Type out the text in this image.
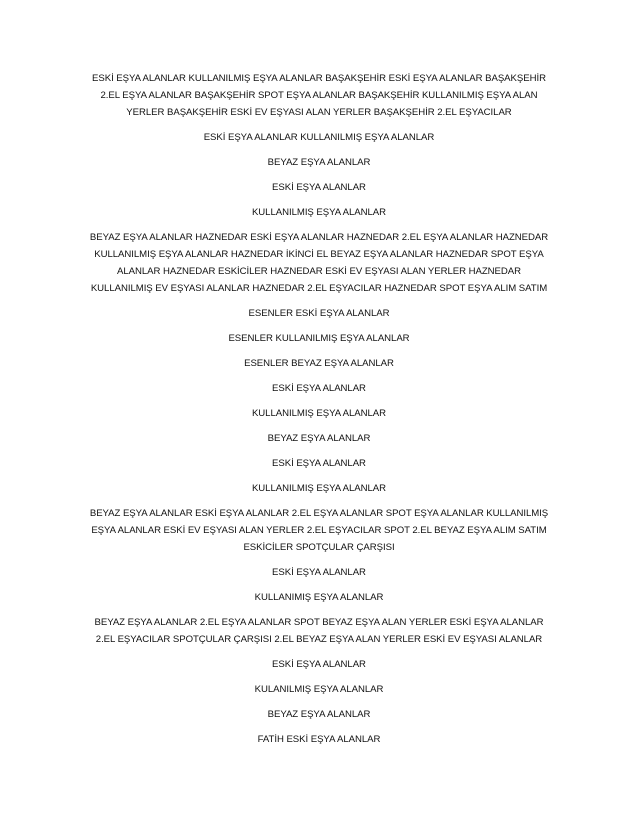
ESKİ EŞYA ALANLAR KULLANILMIŞ EŞYA ALANLAR BAŞAKŞEHİR ESKİ EŞYA ALANLAR BAŞAKŞEHİR 2.EL EŞYA ALANLAR BAŞAKŞEHİR SPOT EŞYA ALANLAR BAŞAKŞEHİR KULLANILMIŞ EŞYA ALAN YERLER BAŞAKŞEHİR ESKİ EV EŞYASI ALAN YERLER BAŞAKŞEHİR 2.EL EŞYACILAR

ESKİ EŞYA ALANLAR KULLANILMIŞ EŞYA ALANLAR

BEYAZ EŞYA ALANLAR

ESKİ EŞYA ALANLAR

KULLANILMIŞ EŞYA ALANLAR

BEYAZ EŞYA ALANLAR HAZNEDAR ESKİ EŞYA ALANLAR HAZNEDAR 2.EL EŞYA ALANLAR HAZNEDAR KULLANILMIŞ EŞYA ALANLAR HAZNEDAR İKİNCİ EL BEYAZ EŞYA ALANLAR HAZNEDAR SPOT EŞYA ALANLAR HAZNEDAR ESKİCİLER HAZNEDAR ESKİ EV EŞYASI ALAN YERLER HAZNEDAR KULLANILMIŞ EV EŞYASI ALANLAR HAZNEDAR 2.EL EŞYACILAR HAZNEDAR SPOT EŞYA ALIM SATIM

ESENLER ESKİ EŞYA ALANLAR

ESENLER KULLANILMIŞ EŞYA ALANLAR

ESENLER BEYAZ EŞYA ALANLAR

ESKİ EŞYA ALANLAR

KULLANILMIŞ EŞYA ALANLAR

BEYAZ EŞYA ALANLAR

ESKİ EŞYA ALANLAR

KULLANILMIŞ EŞYA ALANLAR

BEYAZ EŞYA ALANLAR ESKİ EŞYA ALANLAR 2.EL EŞYA ALANLAR SPOT EŞYA ALANLAR KULLANILMIŞ EŞYA ALANLAR ESKİ EV EŞYASI ALAN YERLER 2.EL EŞYACILAR SPOT 2.EL BEYAZ EŞYA ALIM SATIM ESKİCİLER SPOTÇULAR ÇARŞISI

ESKİ EŞYA ALANLAR

KULLANIMIŞ EŞYA ALANLAR

BEYAZ EŞYA ALANLAR 2.EL EŞYA ALANLAR SPOT BEYAZ EŞYA ALAN YERLER ESKİ EŞYA ALANLAR 2.EL EŞYACILAR SPOTÇULAR ÇARŞISI 2.EL BEYAZ EŞYA ALAN YERLER ESKİ EV EŞYASI ALANLAR

ESKİ EŞYA ALANLAR

KULANILMIŞ EŞYA ALANLAR

BEYAZ EŞYA ALANLAR

FATİH ESKİ EŞYA ALANLAR
